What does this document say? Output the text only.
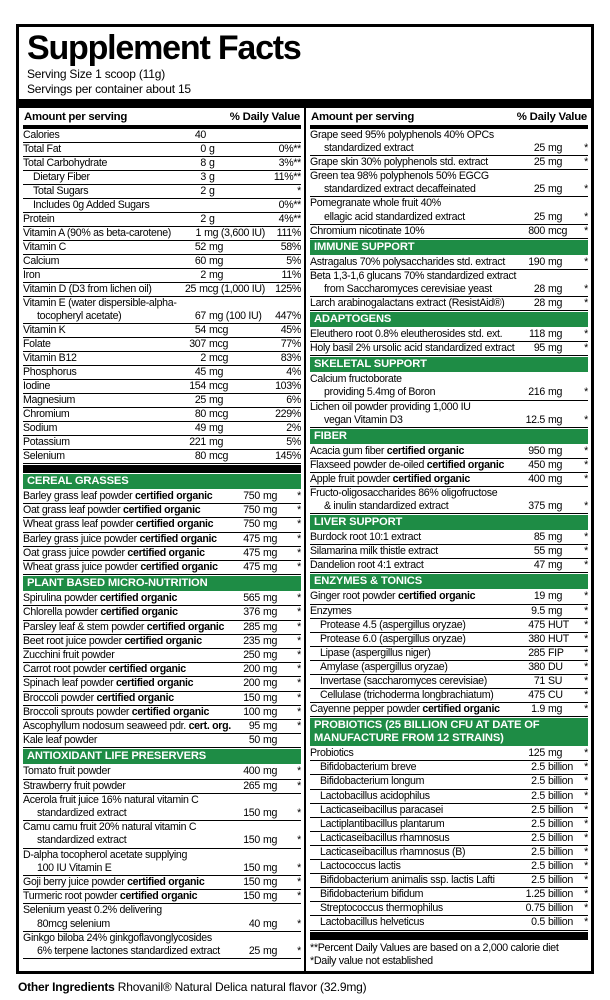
Supplement Facts
Serving Size 1 scoop (11g)
Servings per container about 15
Amount per serving	% Daily Value
Calories	40
Total Fat	0 g	0%**
Total Carbohydrate	8 g	3%**
Dietary Fiber	3 g	11%**
Total Sugars	2 g	*
Includes 0g Added Sugars	0%**
Protein	2 g	4%**
Vitamin A (90% as beta-carotene)	1 mg (3,600 IU)	111%
Vitamin C	52 mg	58%
Calcium	60 mg	5%
Iron	2 mg	11%
Vitamin D (D3 from lichen oil)	25 mcg (1,000 IU) 125%
Vitamin E (water dispersible-alpha-
tocopheryl acetate)	67 mg (100 IU)	447%
Vitamin K	54 mcg	45%
Folate	307 mcg	77%
Vitamin B12	2 mcg	83%
Phosphorus	45 mg	4%
Iodine	154 mcg	103%
Magnesium	25 mg	6%
Chromium	80 mcg	229%
Sodium	49 mg	2%
Potassium	221 mg	5%
Selenium	80 mcg	145%
CEREAL GRASSES
Barley grass leaf powder certified organic	750 mg	*
Oat grass leaf powder certified organic	750 mg	*
Wheat grass leaf powder certified organic	750 mg	*
Barley grass juice powder certified organic	475 mg	*
Oat grass juice powder certified organic	475 mg	*
Wheat grass juice powder certified organic	475 mg	*
PLANT BASED MICRO-NUTRITION
Spirulina powder certified organic	565 mg	*
Chlorella powder certified organic	376 mg	*
Parsley leaf & stem powder certified organic	285 mg	*
Beet root juice powder certified organic	235 mg	*
Zucchini fruit powder	250 mg	*
Carrot root powder certified organic	200 mg	*
Spinach leaf powder certified organic	200 mg	*
Broccoli powder certified organic	150 mg	*
Broccoli sprouts powder certified organic	100 mg	*
Ascophyllum nodosum seaweed pdr. cert. org.	95 mg	*
Kale leaf powder	50 mg
ANTIOXIDANT LIFE PRESERVERS
Tomato fruit powder	400 mg	*
Strawberry fruit powder	265 mg	*
Acerola fruit juice 16% natural vitamin C
standardized extract	150 mg	*
Camu camu fruit 20% natural vitamin C
standardized extract	150 mg	*
D-alpha tocopherol acetate supplying
100 IU Vitamin E	150 mg	*
Goji berry juice powder certified organic	150 mg	*
Turmeric root powder certified organic	150 mg	*
Selenium yeast 0.2% delivering
80mcg selenium	40 mg	*
Ginkgo biloba 24% ginkgoflavonglycosides
6% terpene lactones standardized extract	25 mg	*
Amount per serving	% Daily Value
Grape seed 95% polyphenols 40% OPCs
standardized extract	25 mg	*
Grape skin 30% polyphenols std. extract	25 mg	*
Green tea 98% polyphenols 50% EGCG
standardized extract decaffeinated	25 mg	*
Pomegranate whole fruit 40%
ellagic acid standardized extract	25 mg	*
Chromium nicotinate 10%	800 mcg	*
IMMUNE SUPPORT
Astragalus 70% polysaccharides std. extract	190 mg	*
Beta 1,3-1,6 glucans 70% standardized extract
from Saccharomyces cerevisiae yeast	28 mg	*
Larch arabinogalactans extract (ResistAid®)	28 mg	*
ADAPTOGENS
Eleuthero root 0.8% eleutherosides std. ext.	118 mg	*
Holy basil 2% ursolic acid standardized extract	95 mg	*
SKELETAL SUPPORT
Calcium fructoborate
providing 5.4mg of Boron	216 mg	*
Lichen oil powder providing 1,000 IU
vegan Vitamin D3	12.5 mg	*
FIBER
Acacia gum fiber certified organic	950 mg	*
Flaxseed powder de-oiled certified organic	450 mg	*
Apple fruit powder certified organic	400 mg	*
Fructo-oligosaccharides 86% oligofructose
& inulin standardized extract	375 mg	*
LIVER SUPPORT
Burdock root 10:1 extract	85 mg	*
Silamarina milk thistle extract	55 mg	*
Dandelion root 4:1 extract	47 mg	*
ENZYMES & TONICS
Ginger root powder certified organic	19 mg	*
Enzymes	9.5 mg	*
Protease 4.5 (aspergillus oryzae)	475 HUT	*
Protease 6.0 (aspergillus oryzae)	380 HUT	*
Lipase (aspergillus niger)	285 FIP	*
Amylase (aspergillus oryzae)	380 DU	*
Invertase (saccharomyces cerevisiae)	71 SU	*
Cellulase (trichoderma longbrachiatum)	475 CU	*
Cayenne pepper powder certified organic	1.9 mg	*
PROBIOTICS (25 BILLION CFU AT DATE OF MANUFACTURE FROM 12 STRAINS)
Probiotics	125 mg	*
Bifidobacterium breve	2.5 billion	*
Bifidobacterium longum	2.5 billion	*
Lactobacillus acidophilus	2.5 billion	*
Lacticaseibacillus paracasei	2.5 billion	*
Lactiplantibacillus plantarum	2.5 billion	*
Lacticaseibacillus rhamnosus	2.5 billion	*
Lacticaseibacillus rhamnosus (B)	2.5 billion	*
Lactococcus lactis	2.5 billion	*
Bifidobacterium animalis ssp. lactis Lafti	2.5 billion	*
Bifidobacterium bifidum	1.25 billion	*
Streptococcus thermophilus	0.75 billion	*
Lactobacillus helveticus	0.5 billion	*
**Percent Daily Values are based on a 2,000 calorie diet
*Daily value not established
Other Ingredients Rhovanil® Natural Delica natural flavor (32.9mg)
